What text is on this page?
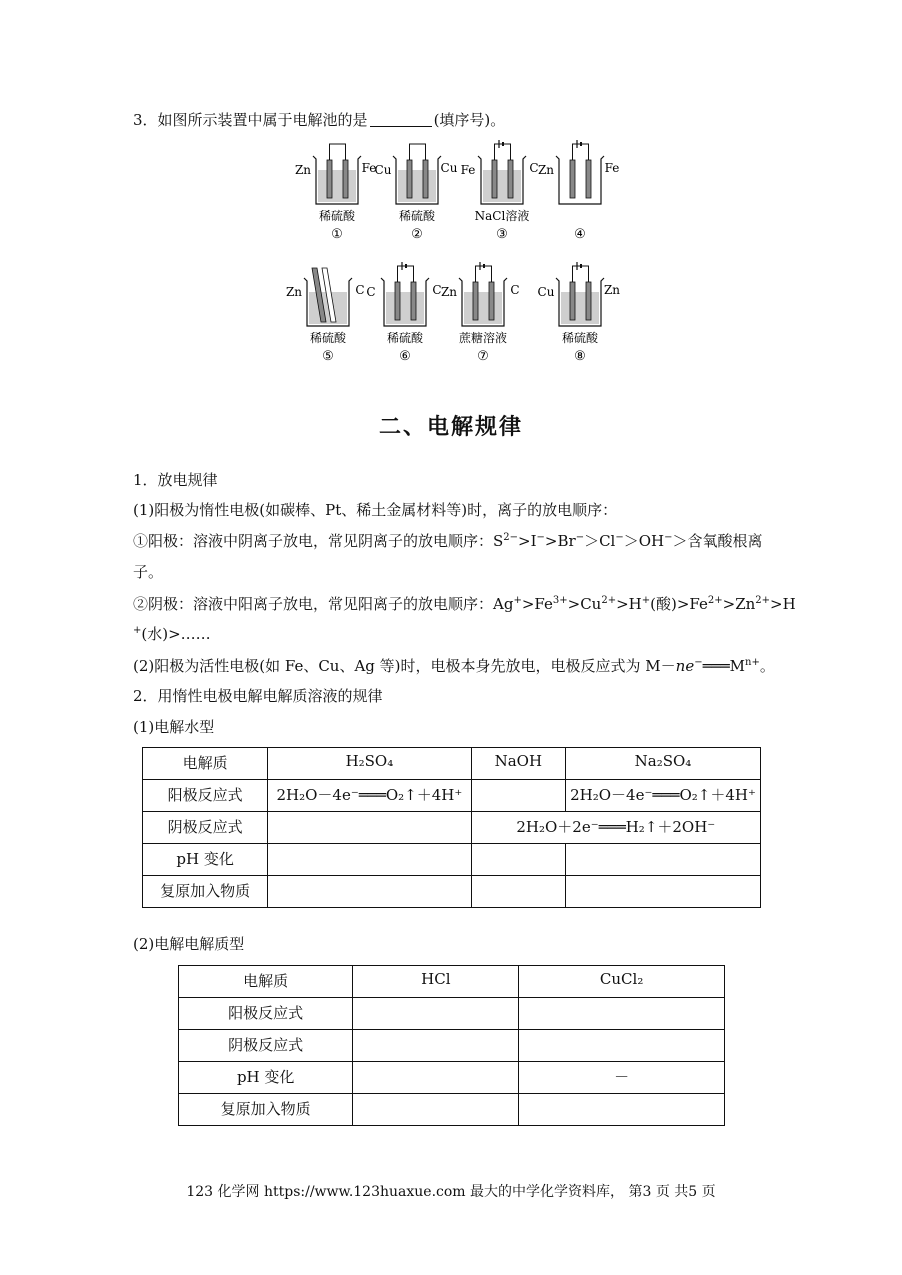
3．如图所示装置中属于电解池的是	(填序号)。
Zn	Fe
稀硫酸
①
Cu	Cu
稀硫酸
②
Fe	C
NaCl溶液
③
Zn	Fe
④
Zn	C
稀硫酸
⑤
C	C
稀硫酸
⑥
Zn	C
蔗糖溶液
⑦
Cu	Zn
稀硫酸
⑧
二、电解规律
1．放电规律
(1)阳极为惰性电极(如碳棒、Pt、稀土金属材料等)时，离子的放电顺序：
①阳极：溶液中阴离子放电，常见阴离子的放电顺序：$S^{2-}>I^->Br^->Cl^->OH^->$含氧酸根离
子。
②阴极：溶液中阳离子放电，常见阳离子的放电顺序：$Ag^+>Fe^{3+}>Cu^{2+}>H^+$(酸)$>Fe^{2+}>Zn^{2+}>H$
+(水)>……
(2)阳极为活性电极(如 Fe、Cu、Ag 等)时，电极本身先放电，电极反应式为 $M-ne^-═══M^{n+}$。
2．用惰性电极电解电解质溶液的规律
(1)电解水型
电解质	H₂SO₄	NaOH	Na₂SO₄
阳极反应式	2H₂O－4e⁻═══O₂↑＋4H⁺		2H₂O－4e⁻═══O₂↑＋4H⁺
阴极反应式		2H₂O＋2e⁻═══H₂↑＋2OH⁻	
pH 变化			
复原加入物质			
(2)电解电解质型
电解质	HCl	CuCl₂
阳极反应式		
阴极反应式		
pH 变化		－
复原加入物质		
123 化学网 https://www.123huaxue.com 最大的中学化学资料库， 第3 页 共5 页
